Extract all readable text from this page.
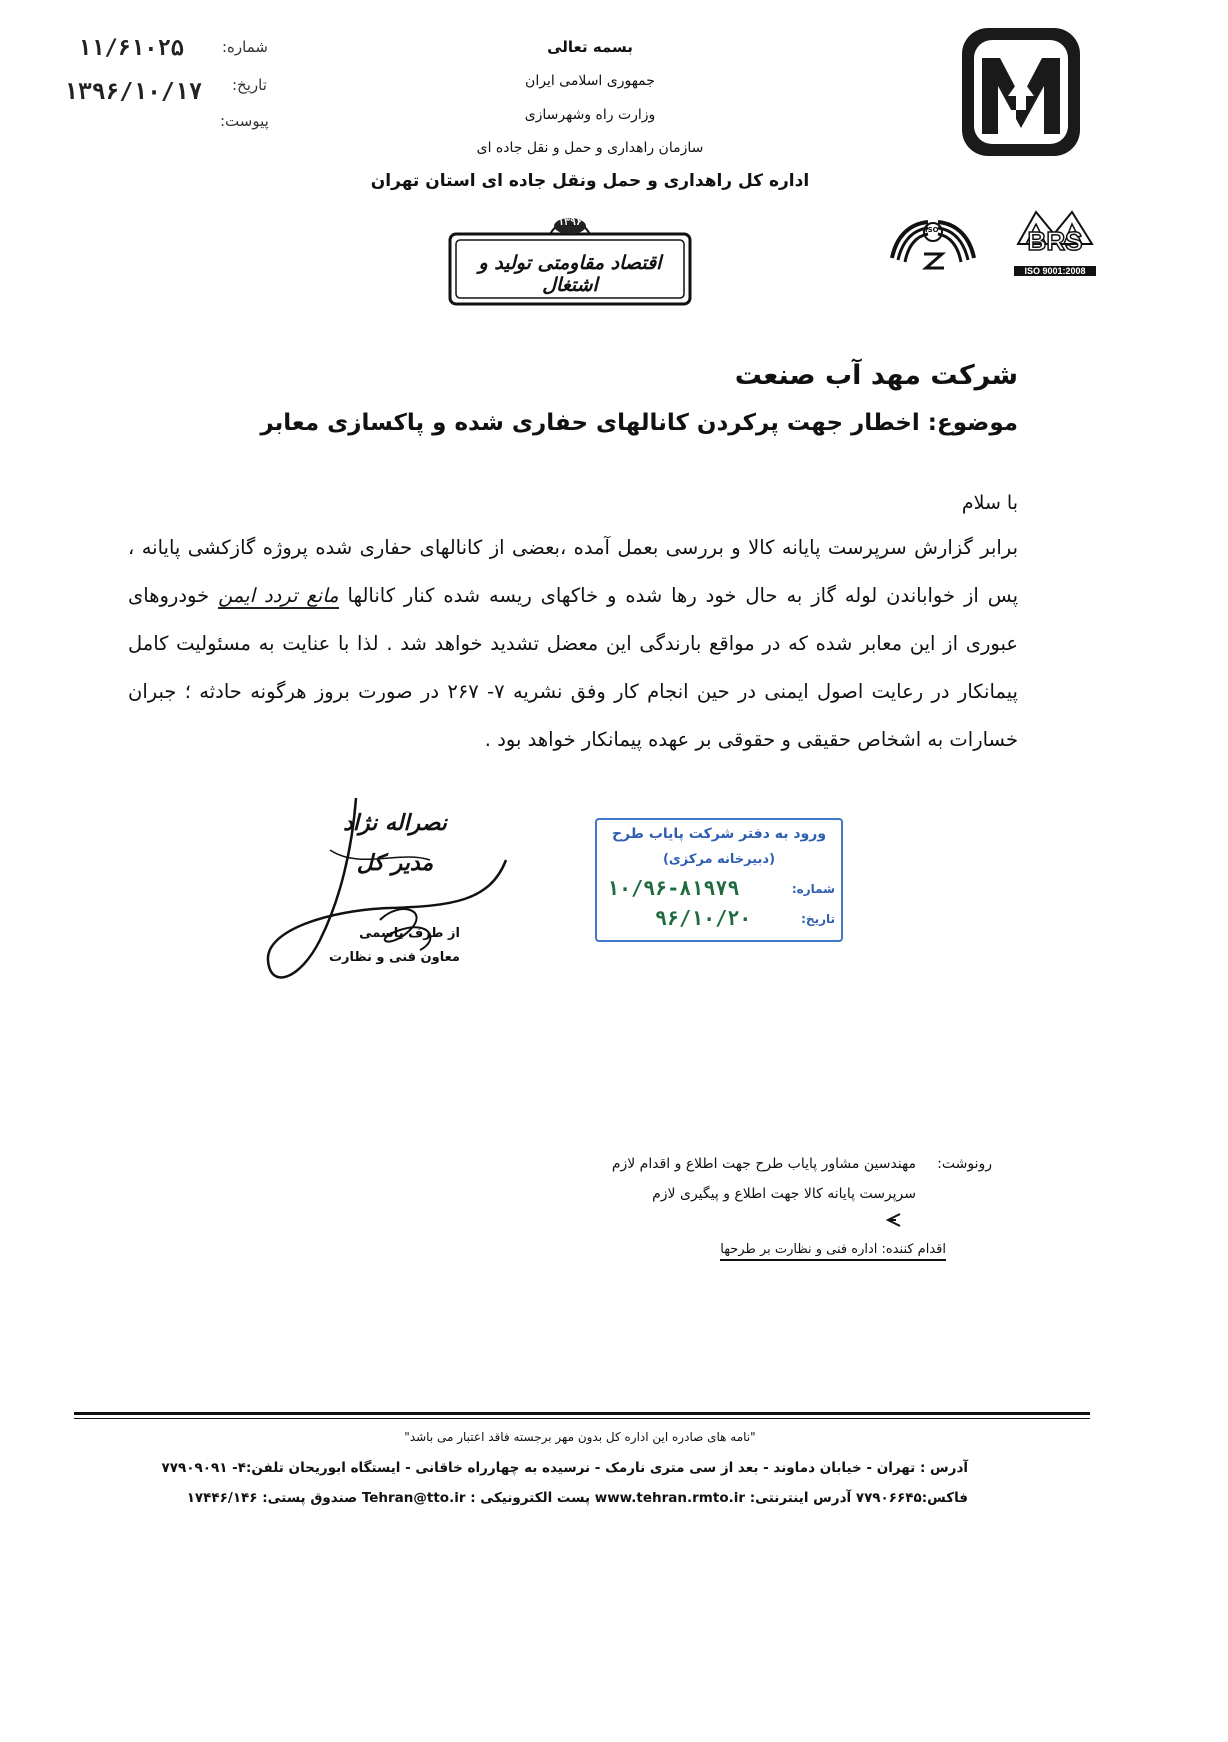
۱۱/۶۱۰۲۵	شماره:
۱۳۹۶/۱۰/۱۷ تاریخ:
پیوست:
بسمه تعالی
جمهوری اسلامی ایران
وزارت راه وشهرسازی
سازمان راهداری و حمل و نقل جاده ای
اداره کل راهداری و حمل ونقل جاده ای استان تهران
۱۳۹۶
اقتصاد مقاومتی تولید و اشتغال
ISO	BRS
ISO 9001:2008
شرکت مهد آب صنعت
موضوع: اخطار جهت پرکردن کانالهای حفاری شده و پاکسازی معابر
با سلام
برابر گزارش سرپرست پایانه کالا و بررسی بعمل آمده ،بعضی از کانالهای حفاری شده پروژه گازکشی پایانه ، پس از خواباندن لوله گاز به حال خود رها شده و خاکهای ریسه شده کنار کانالها مانع تردد ایمن خودروهای عبوری از این معابر شده که در مواقع بارندگی این معضل تشدید خواهد شد . لذا با عنایت به مسئولیت کامل پیمانکار در رعایت اصول ایمنی در حین انجام کار وفق نشریه ۷- ۲۶۷ در صورت بروز هرگونه حادثه ؛ جبران خسارات به اشخاص حقیقی و حقوقی بر عهده پیمانکار خواهد بود .
نصراله نژاد
مدیر کل
از طرف یاسمی
معاون فنی و نظارت
ورود به دفتر شرکت پایاب طرح
(دبیرخانه مرکزی)
شماره:
۱۰/۹۶-۸۱۹۷۹
تاریخ:
۹۶/۱۰/۲۰
رونوشت:
مهندسین مشاور پایاب طرح جهت اطلاع و اقدام لازم
سرپرست پایانه کالا جهت اطلاع و پیگیری لازم
اقدام کننده: اداره فنی و نظارت بر طرحها
"نامه های صادره این اداره کل بدون مهر برجسته فاقد اعتبار می باشد"
آدرس : تهران - خیابان دماوند - بعد از سی متری نارمک - نرسیده به چهارراه خاقانی - ایستگاه ابوریحان تلفن:۴- ۷۷۹۰۹۰۹۱
فاکس:۷۷۹۰۶۶۴۵ آدرس اینترنتی: www.tehran.rmto.ir پست الکترونیکی : Tehran@tto.ir صندوق پستی: ۱۷۴۴۶/۱۴۶
